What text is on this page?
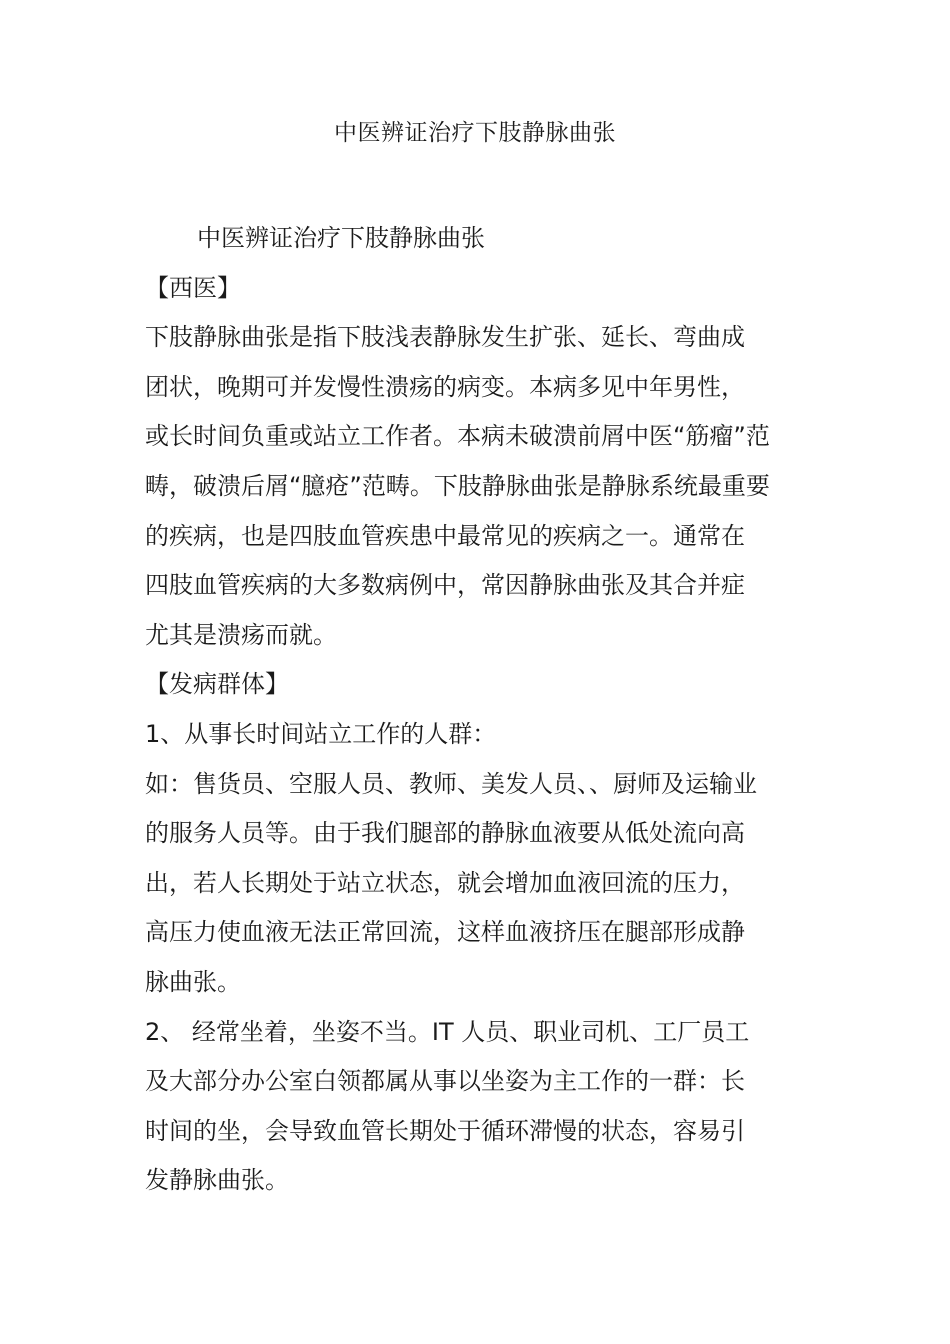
中医辨证治疗下肢静脉曲张
中医辨证治疗下肢静脉曲张
【西医】
下肢静脉曲张是指下肢浅表静脉发生扩张、延长、弯曲成
团状，晚期可并发慢性溃疡的病变。本病多见中年男性，
或长时间负重或站立工作者。本病未破溃前屑中医“筋瘤”范
畴，破溃后屑“臆疮”范畴。下肢静脉曲张是静脉系统最重要
的疾病，也是四肢血管疾患中最常见的疾病之一。通常在
四肢血管疾病的大多数病例中，常因静脉曲张及其合并症
尤其是溃疡而就。
【发病群体】
1、从事长时间站立工作的人群：
如：售货员、空服人员、教师、美发人员、、厨师及运输业
的服务人员等。由于我们腿部的静脉血液要从低处流向高
出，若人长期处于站立状态，就会增加血液回流的压力，
高压力使血液无法正常回流，这样血液挤压在腿部形成静
脉曲张。
2、 经常坐着，坐姿不当。IT 人员、职业司机、工厂员工
及大部分办公室白领都属从事以坐姿为主工作的一群：长
时间的坐，会导致血管长期处于循环滞慢的状态，容易引
发静脉曲张。
